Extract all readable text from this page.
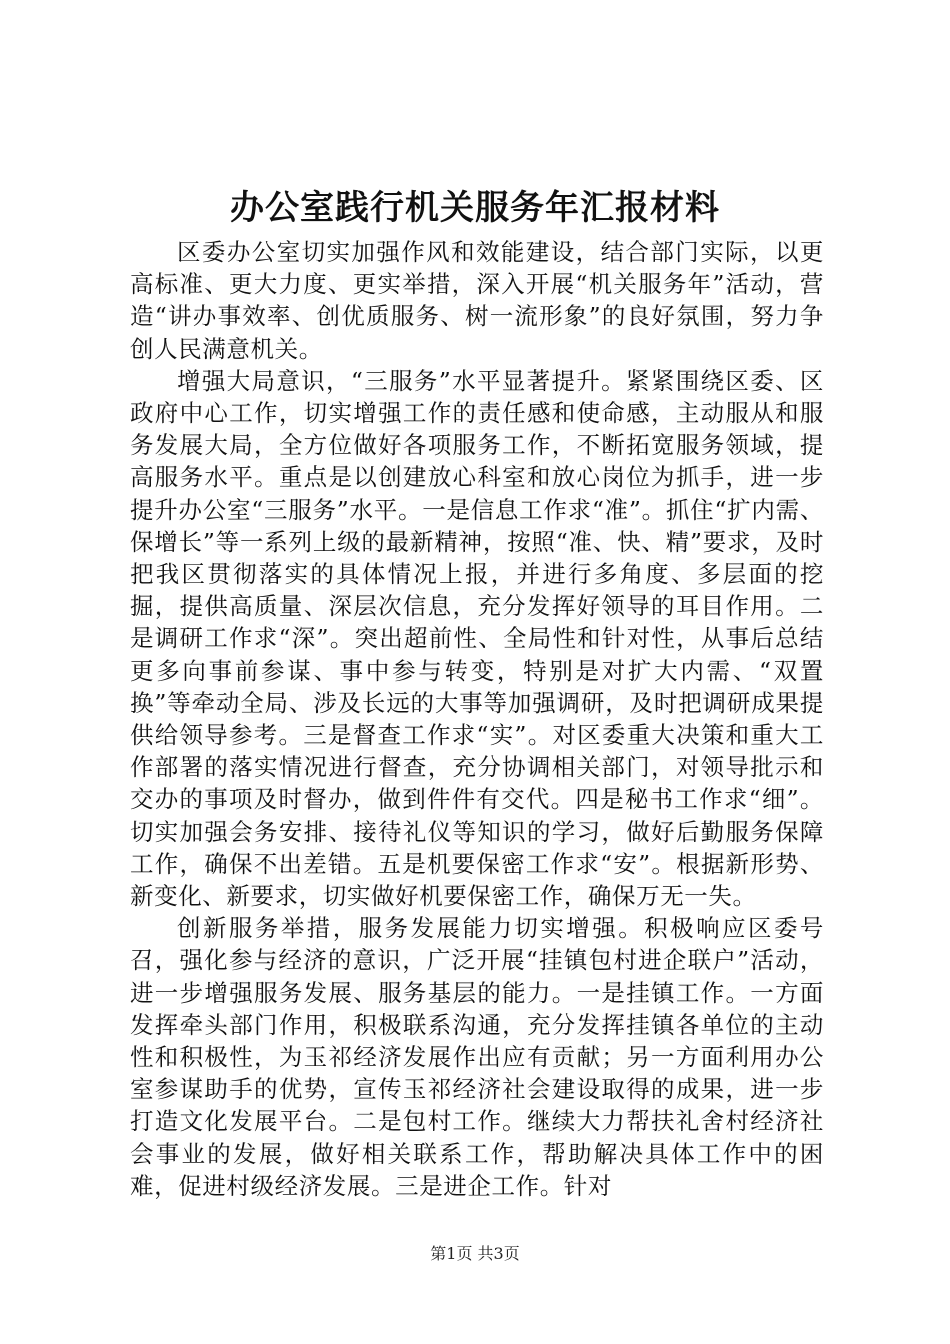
办公室践行机关服务年汇报材料

区委办公室切实加强作风和效能建设，结合部门实际，以更高标准、更大力度、更实举措，深入开展“机关服务年”活动，营造“讲办事效率、创优质服务、树一流形象”的良好氛围，努力争创人民满意机关。

增强大局意识，“三服务”水平显著提升。紧紧围绕区委、区政府中心工作，切实增强工作的责任感和使命感，主动服从和服务发展大局，全方位做好各项服务工作，不断拓宽服务领域，提高服务水平。重点是以创建放心科室和放心岗位为抓手，进一步提升办公室“三服务”水平。一是信息工作求“准”。抓住“扩内需、保增长”等一系列上级的最新精神，按照“准、快、精”要求，及时把我区贯彻落实的具体情况上报，并进行多角度、多层面的挖掘，提供高质量、深层次信息，充分发挥好领导的耳目作用。二是调研工作求“深”。突出超前性、全局性和针对性，从事后总结更多向事前参谋、事中参与转变，特别是对扩大内需、“双置换”等牵动全局、涉及长远的大事等加强调研，及时把调研成果提供给领导参考。三是督查工作求“实”。对区委重大决策和重大工作部署的落实情况进行督查，充分协调相关部门，对领导批示和交办的事项及时督办，做到件件有交代。四是秘书工作求“细”。切实加强会务安排、接待礼仪等知识的学习，做好后勤服务保障工作，确保不出差错。五是机要保密工作求“安”。根据新形势、新变化、新要求，切实做好机要保密工作，确保万无一失。

创新服务举措，服务发展能力切实增强。积极响应区委号召，强化参与经济的意识，广泛开展“挂镇包村进企联户”活动，进一步增强服务发展、服务基层的能力。一是挂镇工作。一方面发挥牵头部门作用，积极联系沟通，充分发挥挂镇各单位的主动性和积极性，为玉祁经济发展作出应有贡献；另一方面利用办公室参谋助手的优势，宣传玉祁经济社会建设取得的成果，进一步打造文化发展平台。二是包村工作。继续大力帮扶礼舍村经济社会事业的发展，做好相关联系工作，帮助解决具体工作中的困难，促进村级经济发展。三是进企工作。针对

第1页 共3页
